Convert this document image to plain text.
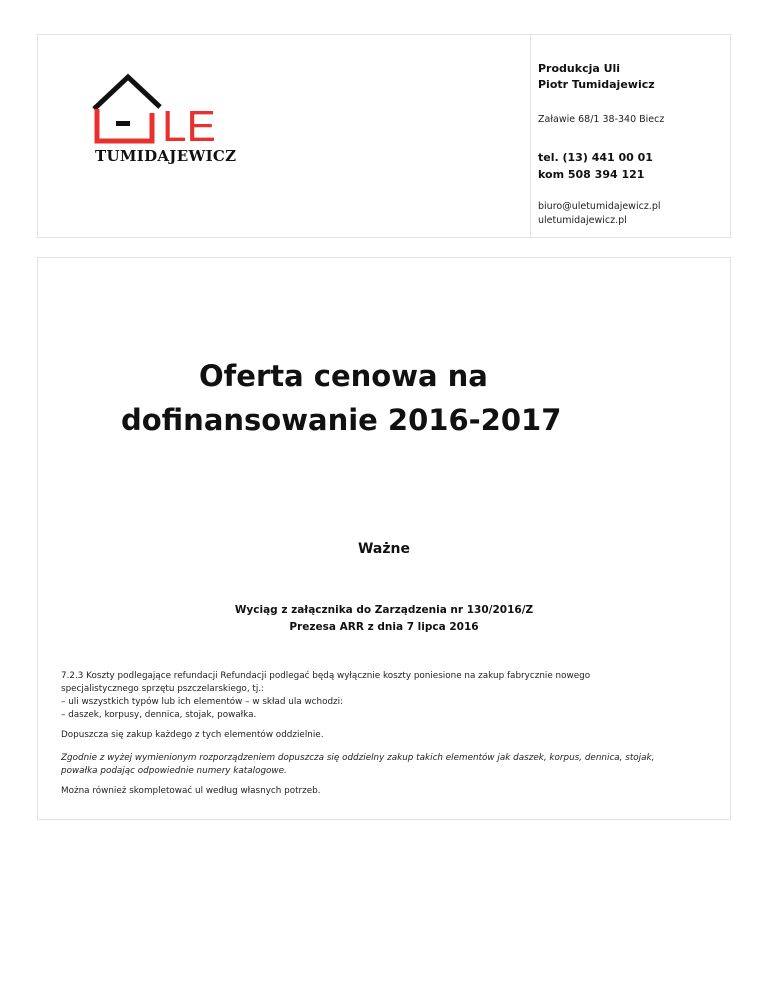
LE
TUMIDAJEWICZ
Produkcja Uli
Piotr Tumidajewicz
Załawie 68/1 38-340 Biecz
tel. (13) 441 00 01
kom 508 394 121
biuro@uletumidajewicz.pl
uletumidajewicz.pl
Oferta cenowa na
dofinansowanie 2016-2017
Ważne
Wyciąg z załącznika do Zarządzenia nr 130/2016/Z
Prezesa ARR z dnia 7 lipca 2016

7.2.3 Koszty podlegające refundacji Refundacji podlegać będą wyłącznie koszty poniesione na zakup fabrycznie nowego
specjalistycznego sprzętu pszczelarskiego, tj.:
– uli wszystkich typów lub ich elementów – w skład ula wchodzi:
– daszek, korpusy, dennica, stojak, powałka.

Dopuszcza się zakup każdego z tych elementów oddzielnie.

Zgodnie z wyżej wymienionym rozporządzeniem dopuszcza się oddzielny zakup takich elementów jak daszek, korpus, dennica, stojak,
powałka podając odpowiednie numery katalogowe.

Można również skompletować ul według własnych potrzeb.
